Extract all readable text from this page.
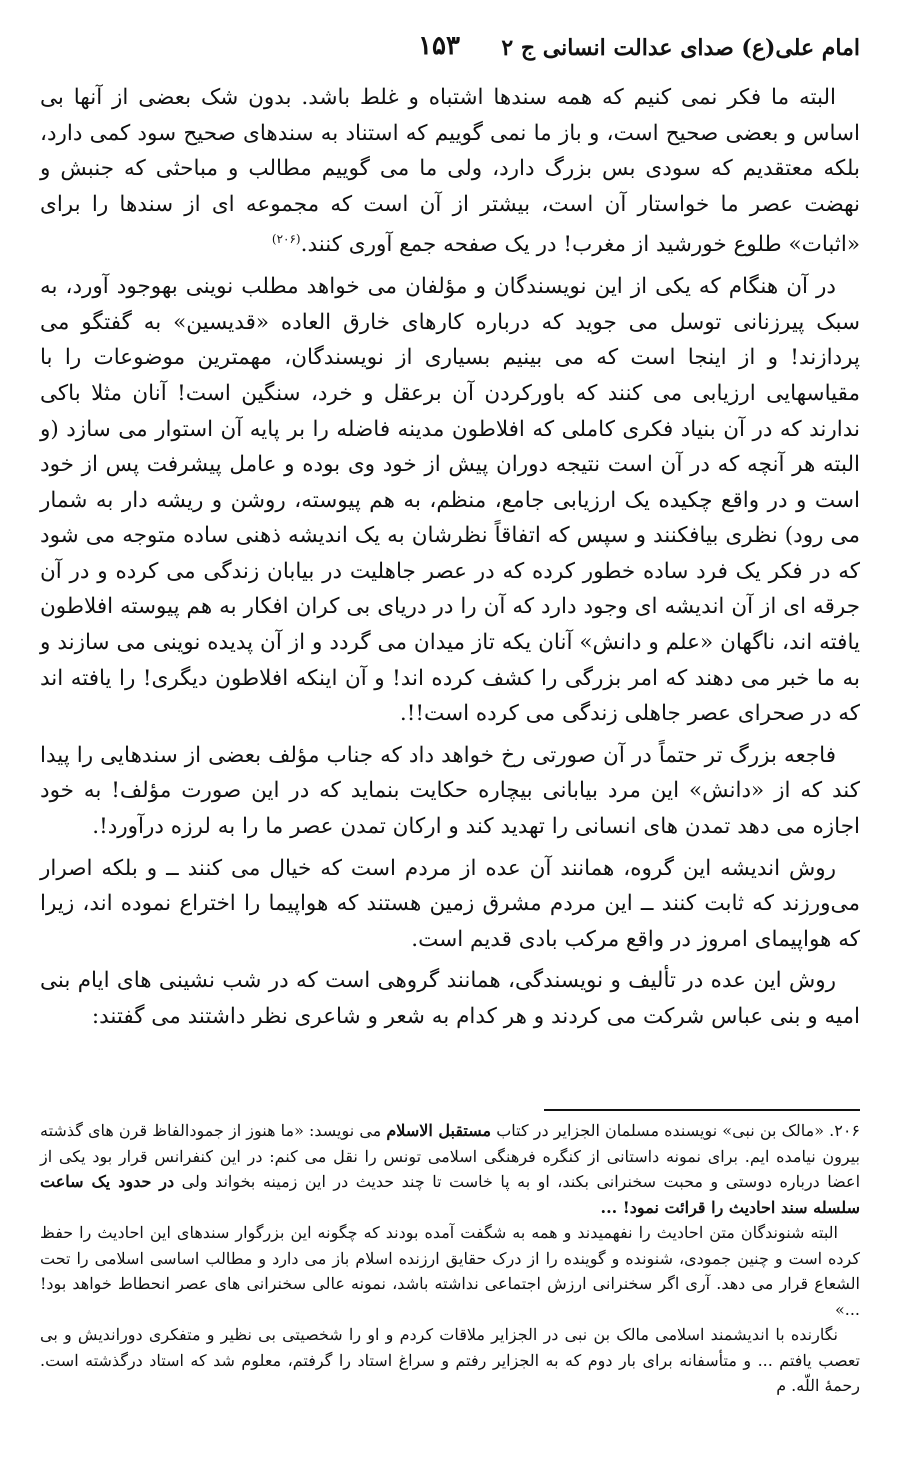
امام علی(ع) صدای عدالت انسانی ج ۲
۱۵۳

البته ما فکر نمی کنیم که همه سندها اشتباه و غلط باشد. بدون شک بعضی از آنها بی اساس و بعضی صحیح است، و باز ما نمی گوییم که استناد به سندهای صحیح سود کمی دارد، بلکه معتقدیم که سودی بس بزرگ دارد، ولی ما می گوییم مطالب و مباحثی که جنبش و نهضت عصر ما خواستار آن است، بیشتر از آن است که مجموعه ای از سندها را برای «اثبات» طلوع خورشید از مغرب! در یک صفحه جمع آوری کنند.$^{(۲۰۶)}$

در آن هنگام که یکی از این نویسندگان و مؤلفان می خواهد مطلب نوینی بهوجود آورد، به سبک پیرزنانی توسل می جوید که درباره کارهای خارق العاده «قدیسین» به گفتگو می پردازند! و از اینجا است که می بینیم بسیاری از نویسندگان، مهمترین موضوعات را با مقیاسهایی ارزیابی می کنند که باورکردن آن برعقل و خرد، سنگین است! آنان مثلا باکی ندارند که در آن بنیاد فکری کاملی که افلاطون مدینه فاضله را بر پایه آن استوار می سازد (و البته هر آنچه که در آن است نتیجه دوران پیش از خود وی بوده و عامل پیشرفت پس از خود است و در واقع چکیده یک ارزیابی جامع، منظم، به هم پیوسته، روشن و ریشه دار به شمار می رود) نظری بیافکنند و سپس که اتفاقاً نظرشان به یک اندیشه ذهنی ساده متوجه می شود که در فکر یک فرد ساده خطور کرده که در عصر جاهلیت در بیابان زندگی می کرده و در آن جرقه ای از آن اندیشه ای وجود دارد که آن را در دریای بی کران افکار به هم پیوسته افلاطون یافته اند، ناگهان «علم و دانش» آنان یکه تاز میدان می گردد و از آن پدیده نوینی می سازند و به ما خبر می دهند که امر بزرگی را کشف کرده اند! و آن اینکه افلاطون دیگری! را یافته اند که در صحرای عصر جاهلی زندگی می کرده است!!.

فاجعه بزرگ تر حتماً در آن صورتی رخ خواهد داد که جناب مؤلف بعضی از سندهایی را پیدا کند که از «دانش» این مرد بیابانی بیچاره حکایت بنماید که در این صورت مؤلف! به خود اجازه می دهد تمدن های انسانی را تهدید کند و ارکان تمدن عصر ما را به لرزه درآورد!.

روش اندیشه این گروه، همانند آن عده از مردم است که خیال می کنند ــ و بلکه اصرار می‌ورزند که ثابت کنند ــ این مردم مشرق زمین هستند که هواپیما را اختراع نموده اند، زیرا که هواپیمای امروز در واقع مرکب بادی قدیم است.

روش این عده در تألیف و نویسندگی، همانند گروهی است که در شب نشینی های ایام بنی امیه و بنی عباس شرکت می کردند و هر کدام به شعر و شاعری نظر داشتند می گفتند:

۲۰۶. «مالک بن نبی» نویسنده مسلمان الجزایر در کتاب مستقبل الاسلام می نویسد: «ما هنوز از جمودالفاظ قرن های گذشته بیرون نیامده ایم. برای نمونه داستانی از کنگره فرهنگی اسلامی تونس را نقل می کنم: در این کنفرانس قرار بود یکی از اعضا درباره دوستی و محبت سخنرانی بکند، او به پا خاست تا چند حدیث در این زمینه بخواند ولی در حدود یک ساعت سلسله سند احادیث را قرائت نمود! ...

البته شنوندگان متن احادیث را نفهمیدند و همه به شگفت آمده بودند که چگونه این بزرگوار سندهای این احادیث را حفظ کرده است و چنین جمودی، شنونده و گوینده را از درک حقایق ارزنده اسلام باز می دارد و مطالب اساسی اسلامی را تحت الشعاع قرار می دهد. آری اگر سخنرانی ارزش اجتماعی نداشته باشد، نمونه عالی سخنرانی های عصر انحطاط خواهد بود! ...»

نگارنده با اندیشمند اسلامی مالک بن نبی در الجزایر ملاقات کردم و او را شخصیتی بی نظیر و متفکری دوراندیش و بی تعصب یافتم ... و متأسفانه برای بار دوم که به الجزایر رفتم و سراغ استاد را گرفتم، معلوم شد که استاد درگذشته است. رحمهٔ اللّه. م
